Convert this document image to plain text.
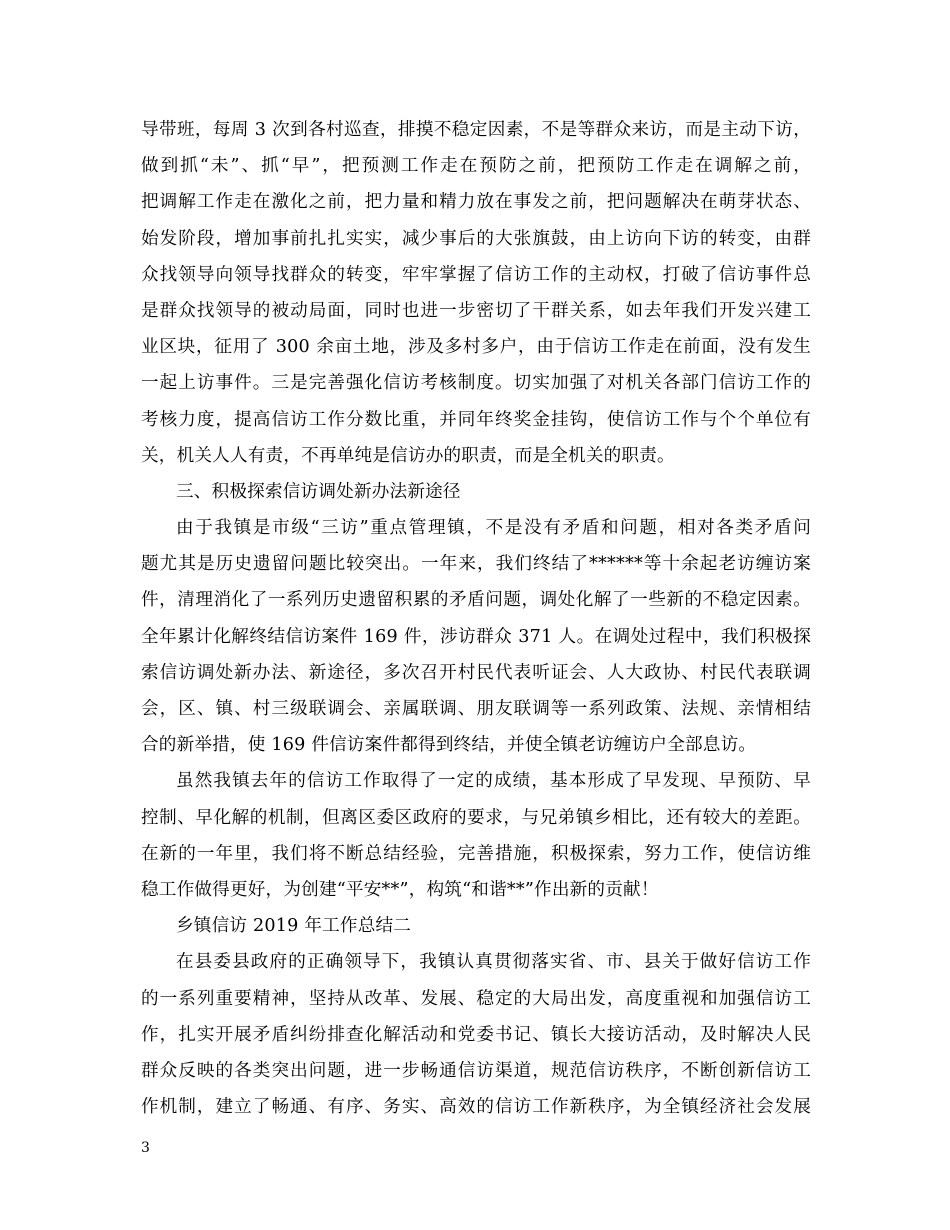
导带班，每周 3 次到各村巡查，排摸不稳定因素，不是等群众来访，而是主动下访，
做到抓“未”、抓“早”，把预测工作走在预防之前，把预防工作走在调解之前，
把调解工作走在激化之前，把力量和精力放在事发之前，把问题解决在萌芽状态、
始发阶段，增加事前扎扎实实，减少事后的大张旗鼓，由上访向下访的转变，由群
众找领导向领导找群众的转变，牢牢掌握了信访工作的主动权，打破了信访事件总
是群众找领导的被动局面，同时也进一步密切了干群关系，如去年我们开发兴建工
业区块，征用了 300 余亩土地，涉及多村多户，由于信访工作走在前面，没有发生
一起上访事件。三是完善强化信访考核制度。切实加强了对机关各部门信访工作的
考核力度，提高信访工作分数比重，并同年终奖金挂钩，使信访工作与个个单位有
关，机关人人有责，不再单纯是信访办的职责，而是全机关的职责。
三、积极探索信访调处新办法新途径
由于我镇是市级“三访”重点管理镇，不是没有矛盾和问题，相对各类矛盾问
题尤其是历史遗留问题比较突出。一年来，我们终结了******等十余起老访缠访案
件，清理消化了一系列历史遗留积累的矛盾问题，调处化解了一些新的不稳定因素。
全年累计化解终结信访案件 169 件，涉访群众 371 人。在调处过程中，我们积极探
索信访调处新办法、新途径，多次召开村民代表听证会、人大政协、村民代表联调
会，区、镇、村三级联调会、亲属联调、朋友联调等一系列政策、法规、亲情相结
合的新举措，使 169 件信访案件都得到终结，并使全镇老访缠访户全部息访。
虽然我镇去年的信访工作取得了一定的成绩，基本形成了早发现、早预防、早
控制、早化解的机制，但离区委区政府的要求，与兄弟镇乡相比，还有较大的差距。
在新的一年里，我们将不断总结经验，完善措施，积极探索，努力工作，使信访维
稳工作做得更好，为创建“平安**”，构筑“和谐**”作出新的贡献！
乡镇信访 2019 年工作总结二
在县委县政府的正确领导下，我镇认真贯彻落实省、市、县关于做好信访工作
的一系列重要精神，坚持从改革、发展、稳定的大局出发，高度重视和加强信访工
作，扎实开展矛盾纠纷排查化解活动和党委书记、镇长大接访活动，及时解决人民
群众反映的各类突出问题，进一步畅通信访渠道，规范信访秩序，不断创新信访工
作机制，建立了畅通、有序、务实、高效的信访工作新秩序，为全镇经济社会发展
3
